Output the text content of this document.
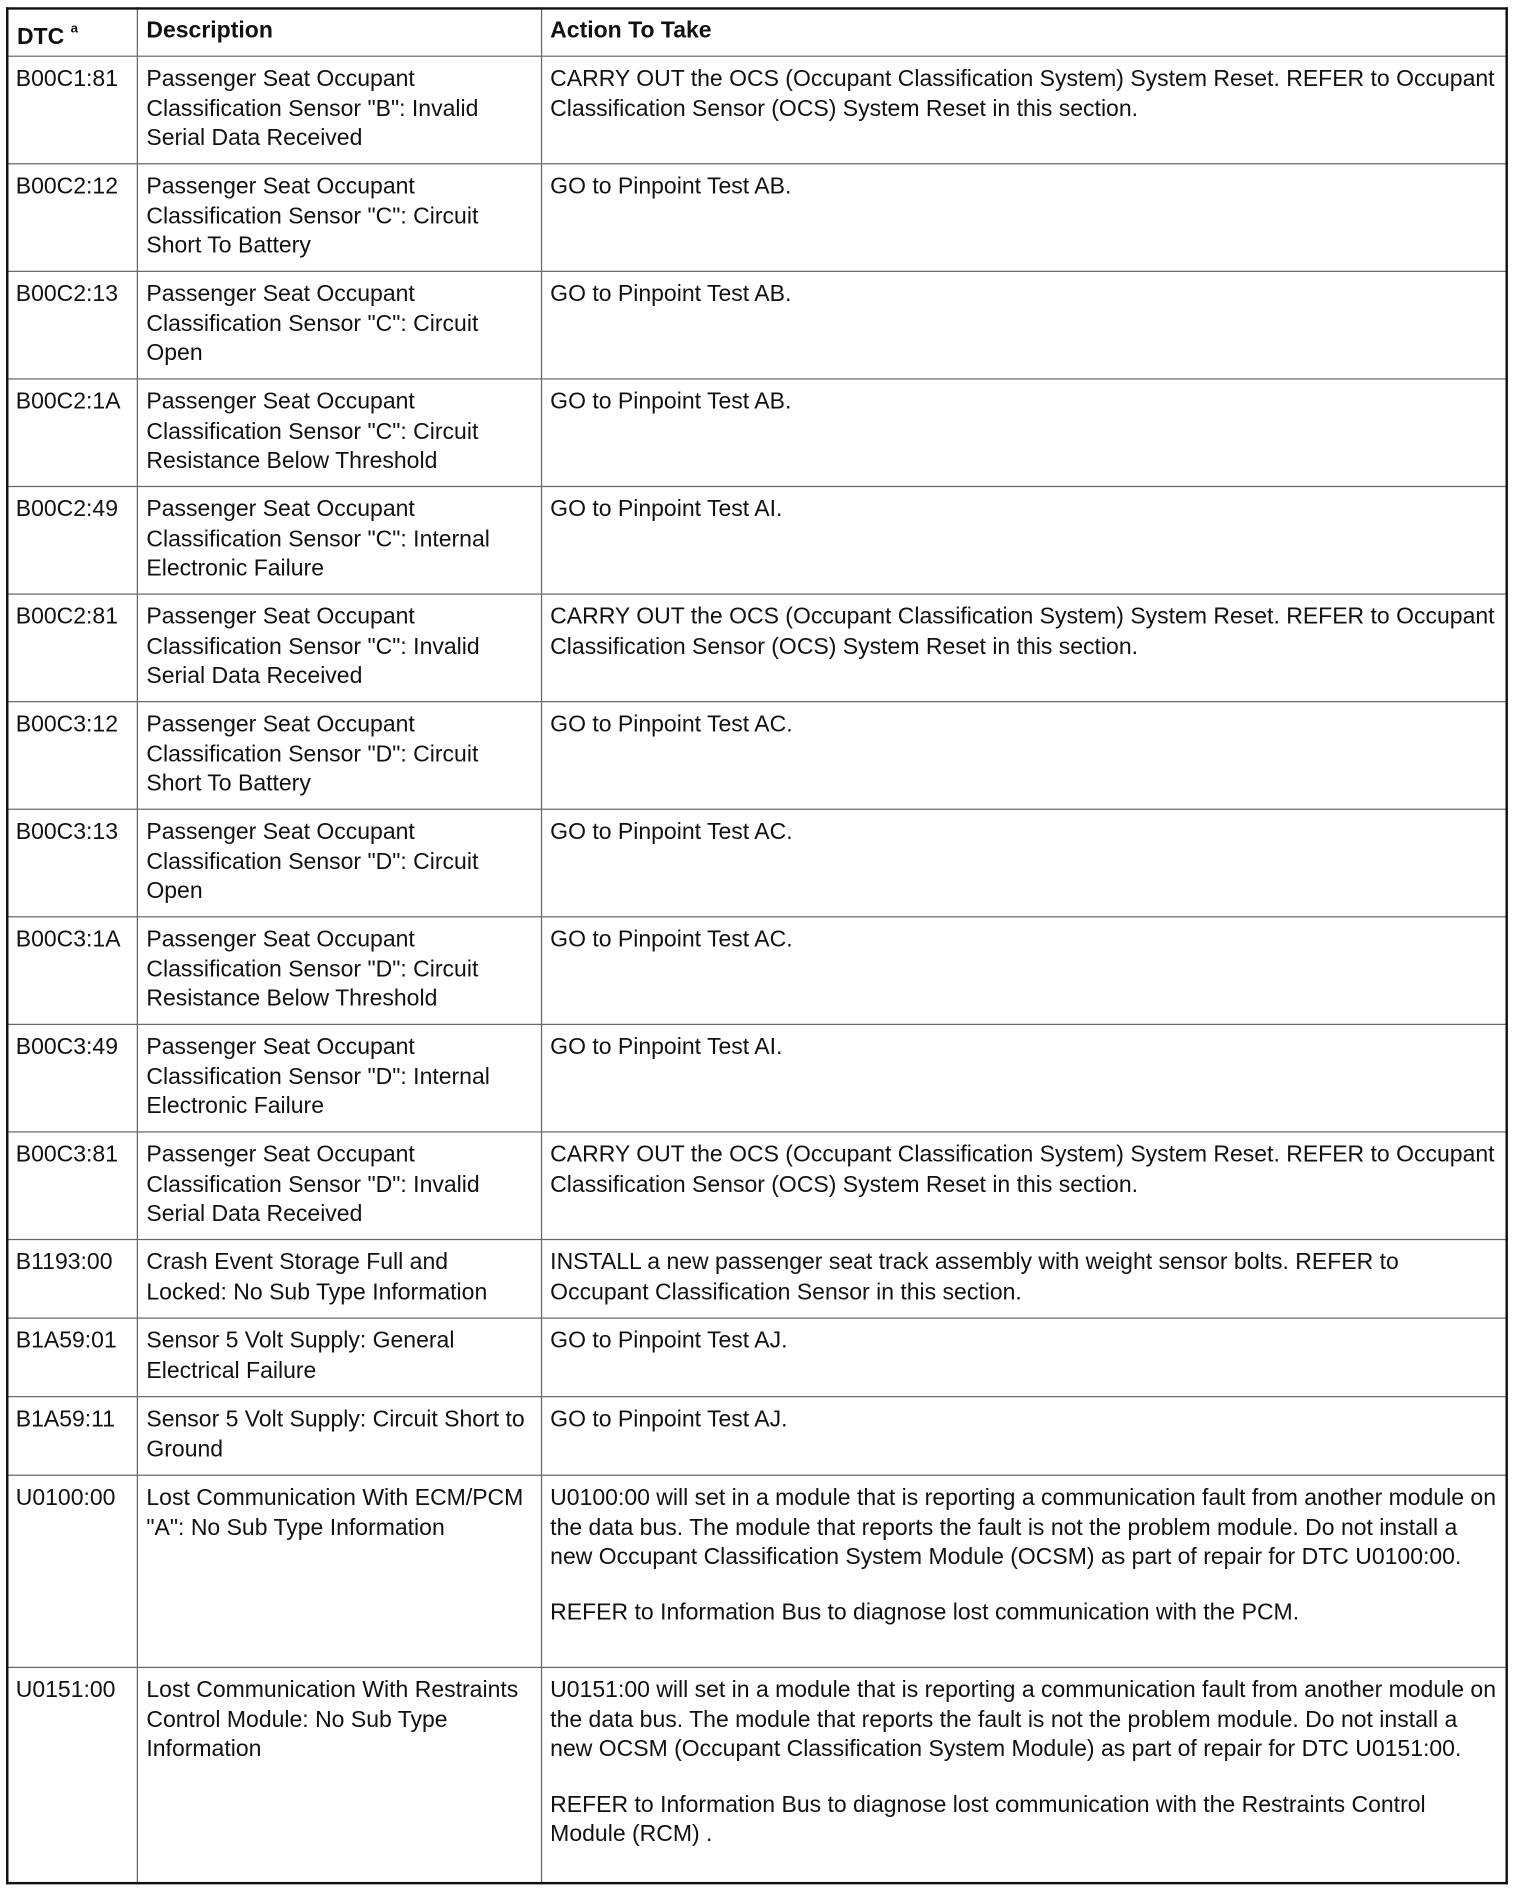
DTC $^a$	Description	Action To Take
B00C1:81	Passenger Seat Occupant Classification Sensor "B": Invalid Serial Data Received	CARRY OUT the OCS (Occupant Classification System) System Reset. REFER to Occupant Classification Sensor (OCS) System Reset in this section.

B00C2:12	Passenger Seat Occupant Classification Sensor "C": Circuit Short To Battery	GO to Pinpoint Test AB.

B00C2:13	Passenger Seat Occupant Classification Sensor "C": Circuit Open	GO to Pinpoint Test AB.

B00C2:1A	Passenger Seat Occupant Classification Sensor "C": Circuit Resistance Below Threshold	GO to Pinpoint Test AB.

B00C2:49	Passenger Seat Occupant Classification Sensor "C": Internal Electronic Failure	GO to Pinpoint Test AI.

B00C2:81	Passenger Seat Occupant Classification Sensor "C": Invalid Serial Data Received	CARRY OUT the OCS (Occupant Classification System) System Reset. REFER to Occupant Classification Sensor (OCS) System Reset in this section.

B00C3:12	Passenger Seat Occupant Classification Sensor "D": Circuit Short To Battery	GO to Pinpoint Test AC.

B00C3:13	Passenger Seat Occupant Classification Sensor "D": Circuit Open	GO to Pinpoint Test AC.

B00C3:1A	Passenger Seat Occupant Classification Sensor "D": Circuit Resistance Below Threshold	GO to Pinpoint Test AC.

B00C3:49	Passenger Seat Occupant Classification Sensor "D": Internal Electronic Failure	GO to Pinpoint Test AI.

B00C3:81	Passenger Seat Occupant Classification Sensor "D": Invalid Serial Data Received	CARRY OUT the OCS (Occupant Classification System) System Reset. REFER to Occupant Classification Sensor (OCS) System Reset in this section.

B1193:00	Crash Event Storage Full and Locked: No Sub Type Information	INSTALL a new passenger seat track assembly with weight sensor bolts. REFER to Occupant Classification Sensor in this section.

B1A59:01	Sensor 5 Volt Supply: General Electrical Failure	GO to Pinpoint Test AJ.

B1A59:11	Sensor 5 Volt Supply: Circuit Short to Ground	GO to Pinpoint Test AJ.

U0100:00	Lost Communication With ECM/PCM "A": No Sub Type Information	U0100:00 will set in a module that is reporting a communication fault from another module on the data bus. The module that reports the fault is not the problem module. Do not install a new Occupant Classification System Module (OCSM) as part of repair for DTC U0100:00.

REFER to Information Bus to diagnose lost communication with the PCM.

U0151:00	Lost Communication With Restraints Control Module: No Sub Type Information	U0151:00 will set in a module that is reporting a communication fault from another module on the data bus. The module that reports the fault is not the problem module. Do not install a new OCSM (Occupant Classification System Module) as part of repair for DTC U0151:00.

REFER to Information Bus to diagnose lost communication with the Restraints Control Module (RCM) .
